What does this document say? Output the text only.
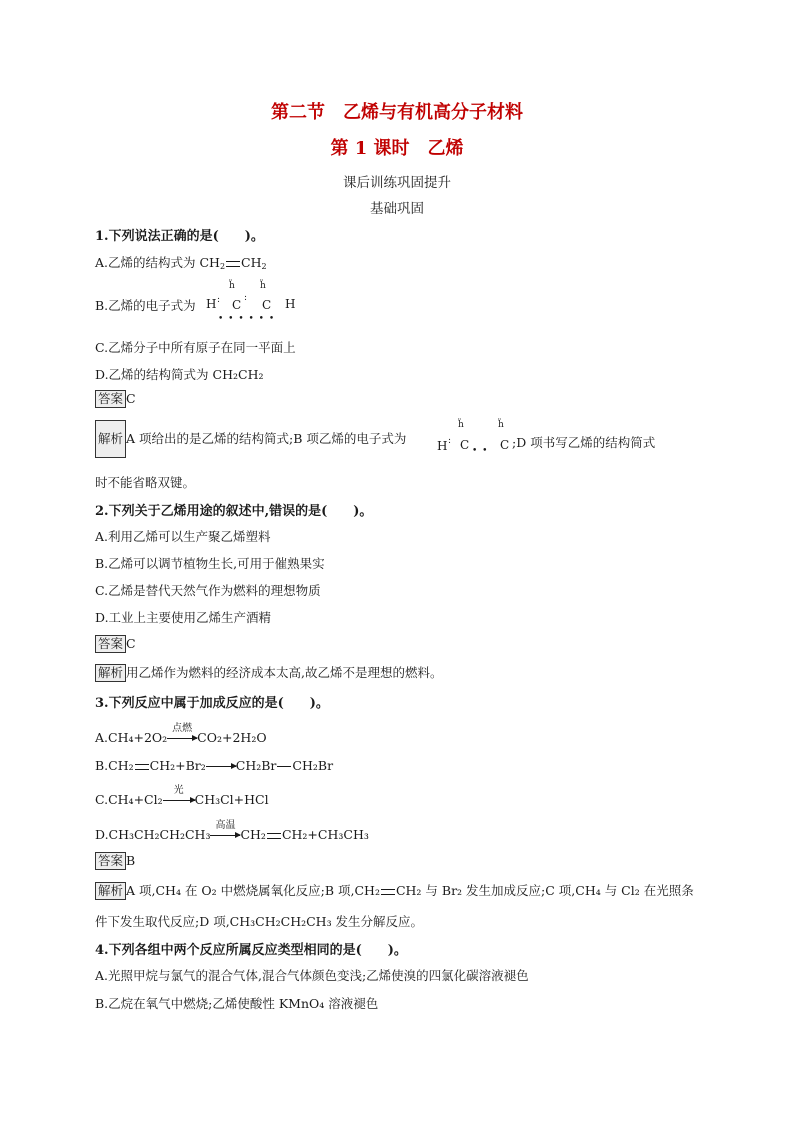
第二节　乙烯与有机高分子材料
第 1 课时　乙烯
课后训练巩固提升
基础巩固
1.下列说法正确的是(　　)。
A.乙烯的结构式为 $CH_2$ $CH_2$
B.乙烯的电子式为 H : C C H
ḧ	ḧ
• • • • • •
:
C.乙烯分子中所有原子在同一平面上
D.乙烯的结构简式为 CH₂CH₂
答案 C
解析 A 项给出的是乙烯的结构简式;B 项乙烯的电子式为	H : C	C
ḧ	ḧ
• •
;D 项书写乙烯的结构简式
时不能省略双键。
2.下列关于乙烯用途的叙述中,错误的是(　　)。
A.利用乙烯可以生产聚乙烯塑料
B.乙烯可以调节植物生长,可用于催熟果实
C.乙烯是替代天然气作为燃料的理想物质
D.工业上主要使用乙烯生产酒精
答案 C
解析 用乙烯作为燃料的经济成本太高,故乙烯不是理想的燃料。
3.下列反应中属于加成反应的是(　　)。
A.CH₄+2O₂
点燃
CO₂+2H₂O
B.CH₂ CH₂+Br₂→CH₂Br CH₂Br
C.CH₄+Cl₂
光
CH₃Cl+HCl
D.CH₃CH₂CH₂CH₃
高温
CH₂ CH₂+CH₃CH₃
答案 B
解析 A 项,CH₄ 在 O₂ 中燃烧属氧化反应;B 项,CH₂ CH₂ 与 Br₂ 发生加成反应;C 项,CH₄ 与 Cl₂ 在光照条
件下发生取代反应;D 项,CH₃CH₂CH₂CH₃ 发生分解反应。
4.下列各组中两个反应所属反应类型相同的是(　　)。
A.光照甲烷与氯气的混合气体,混合气体颜色变浅;乙烯使溴的四氯化碳溶液褪色
B.乙烷在氧气中燃烧;乙烯使酸性 KMnO₄ 溶液褪色
